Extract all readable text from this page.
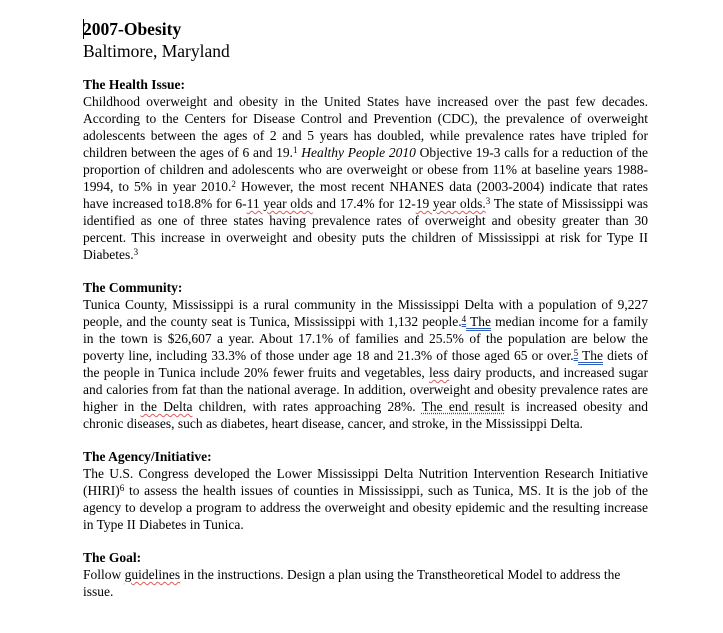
2007-Obesity
Baltimore, Maryland
The Health Issue:
Childhood overweight and obesity in the United States have increased over the past few decades. According to the Centers for Disease Control and Prevention (CDC), the prevalence of overweight adolescents between the ages of 2 and 5 years has doubled, while prevalence rates have tripled for children between the ages of 6 and 19.$^1$ Healthy People 2010 Objective 19-3 calls for a reduction of the proportion of children and adolescents who are overweight or obese from 11% at baseline years 1988-1994, to 5% in year 2010.$^2$ However, the most recent NHANES data (2003-2004) indicate that rates have increased to18.8% for 6-11 year olds and 17.4% for 12-19 year olds.$^3$ The state of Mississippi was identified as one of three states having prevalence rates of overweight and obesity greater than 30 percent. This increase in overweight and obesity puts the children of Mississippi at risk for Type II Diabetes.$^3$
The Community:
Tunica County, Mississippi is a rural community in the Mississippi Delta with a population of 9,227 people, and the county seat is Tunica, Mississippi with 1,132 people.$^4$ The median income for a family in the town is $26,607 a year. About 17.1% of families and 25.5% of the population are below the poverty line, including 33.3% of those under age 18 and 21.3% of those aged 65 or over.$^5$ The diets of the people in Tunica include 20% fewer fruits and vegetables, less dairy products, and increased sugar and calories from fat than the national average. In addition, overweight and obesity prevalence rates are higher in the Delta children, with rates approaching 28%. The end result is increased obesity and chronic diseases, such as diabetes, heart disease, cancer, and stroke, in the Mississippi Delta.
The Agency/Initiative:
The U.S. Congress developed the Lower Mississippi Delta Nutrition Intervention Research Initiative (HIRI)$^6$ to assess the health issues of counties in Mississippi, such as Tunica, MS. It is the job of the agency to develop a program to address the overweight and obesity epidemic and the resulting increase in Type II Diabetes in Tunica.
The Goal:
Follow guidelines in the instructions. Design a plan using the Transtheoretical Model to address the issue.
